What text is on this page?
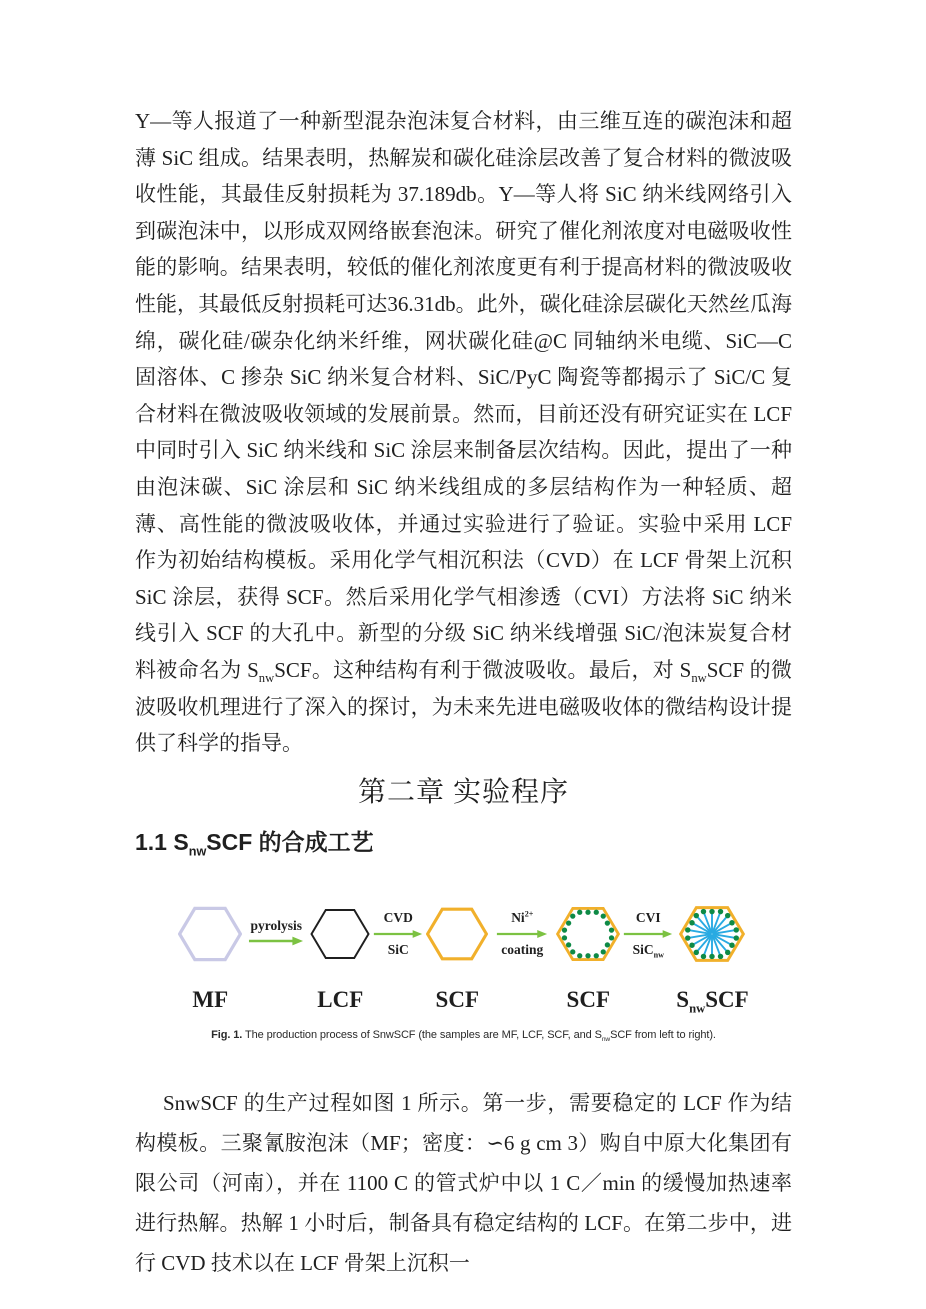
Y—等人报道了一种新型混杂泡沫复合材料，由三维互连的碳泡沫和超薄 SiC 组成。结果表明，热解炭和碳化硅涂层改善了复合材料的微波吸收性能，其最佳反射损耗为 37.189db。Y—等人将 SiC 纳米线网络引入到碳泡沫中，以形成双网络嵌套泡沫。研究了催化剂浓度对电磁吸收性能的影响。结果表明，较低的催化剂浓度更有利于提高材料的微波吸收性能，其最低反射损耗可达36.31db。此外，碳化硅涂层碳化天然丝瓜海绵，碳化硅/碳杂化纳米纤维，网状碳化硅@C 同轴纳米电缆、SiC—C 固溶体、C 掺杂 SiC 纳米复合材料、SiC/PyC 陶瓷等都揭示了 SiC/C 复合材料在微波吸收领域的发展前景。然而，目前还没有研究证实在 LCF 中同时引入 SiC 纳米线和 SiC 涂层来制备层次结构。因此，提出了一种由泡沫碳、SiC 涂层和 SiC 纳米线组成的多层结构作为一种轻质、超薄、高性能的微波吸收体，并通过实验进行了验证。实验中采用 LCF 作为初始结构模板。采用化学气相沉积法（CVD）在 LCF 骨架上沉积 SiC 涂层，获得 SCF。然后采用化学气相渗透（CVI）方法将 SiC 纳米线引入 SCF 的大孔中。新型的分级 SiC 纳米线增强 SiC/泡沫炭复合材料被命名为 $S_{nw}SCF$。这种结构有利于微波吸收。最后，对 $S_{nw}SCF$ 的微波吸收机理进行了深入的探讨，为未来先进电磁吸收体的微结构设计提供了科学的指导。

第二章 实验程序
1.1 $S_{nw}SCF$ 的合成工艺
MF
pyrolysis
LCF
CVD
SiC
SCF
$Ni^{2+}$
coating
SCF
CVI
SiC$_{nw}$
$S_{nw}SCF$
Fig. 1. The production process of SnwSCF (the samples are MF, LCF, SCF, and $S_{nw}SCF$ from left to right).

SnwSCF 的生产过程如图 1 所示。第一步，需要稳定的 LCF 作为结构模板。三聚氰胺泡沫（MF；密度：∽6 g cm 3）购自中原大化集团有限公司（河南），并在 1100 C 的管式炉中以 1 C／min 的缓慢加热速率进行热解。热解 1 小时后，制备具有稳定结构的 LCF。在第二步中，进行 CVD 技术以在 LCF 骨架上沉积一
